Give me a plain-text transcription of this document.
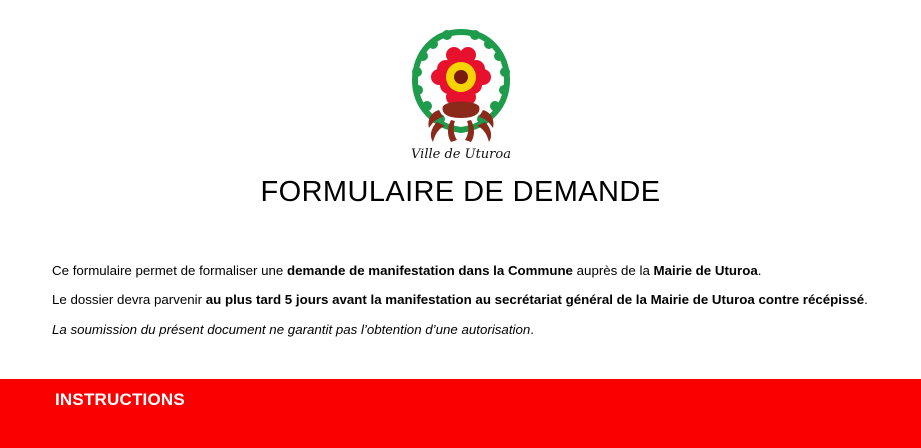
Ville de Uturoa
FORMULAIRE DE DEMANDE

Ce formulaire permet de formaliser une demande de manifestation dans la Commune auprès de la Mairie de Uturoa.

Le dossier devra parvenir au plus tard 5 jours avant la manifestation au secrétariat général de la Mairie de Uturoa contre récépissé.

La soumission du présent document ne garantit pas l’obtention d’une autorisation.

INSTRUCTIONS
